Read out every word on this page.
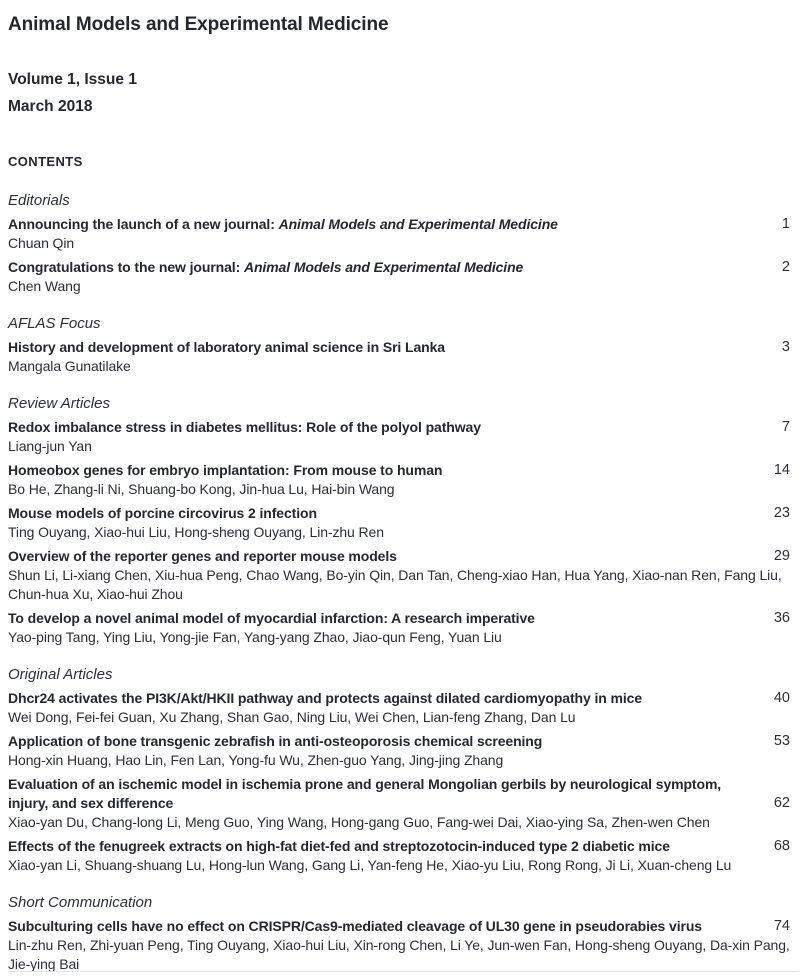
Animal Models and Experimental Medicine
Volume 1, Issue 1
March 2018
CONTENTS
Editorials
Announcing the launch of a new journal: Animal Models and Experimental Medicine	1
Chuan Qin
Congratulations to the new journal: Animal Models and Experimental Medicine	2
Chen Wang
AFLAS Focus
History and development of laboratory animal science in Sri Lanka	3
Mangala Gunatilake
Review Articles
Redox imbalance stress in diabetes mellitus: Role of the polyol pathway	7
Liang-jun Yan
Homeobox genes for embryo implantation: From mouse to human	14
Bo He, Zhang-li Ni, Shuang-bo Kong, Jin-hua Lu, Hai-bin Wang
Mouse models of porcine circovirus 2 infection	23
Ting Ouyang, Xiao-hui Liu, Hong-sheng Ouyang, Lin-zhu Ren
Overview of the reporter genes and reporter mouse models	29
Shun Li, Li-xiang Chen, Xiu-hua Peng, Chao Wang, Bo-yin Qin, Dan Tan, Cheng-xiao Han, Hua Yang, Xiao-nan Ren, Fang Liu, Chun-hua Xu, Xiao-hui Zhou
To develop a novel animal model of myocardial infarction: A research imperative	36
Yao-ping Tang, Ying Liu, Yong-jie Fan, Yang-yang Zhao, Jiao-qun Feng, Yuan Liu
Original Articles
Dhcr24 activates the PI3K/Akt/HKII pathway and protects against dilated cardiomyopathy in mice	40
Wei Dong, Fei-fei Guan, Xu Zhang, Shan Gao, Ning Liu, Wei Chen, Lian-feng Zhang, Dan Lu
Application of bone transgenic zebrafish in anti-osteoporosis chemical screening	53
Hong-xin Huang, Hao Lin, Fen Lan, Yong-fu Wu, Zhen-guo Yang, Jing-jing Zhang
Evaluation of an ischemic model in ischemia prone and general Mongolian gerbils by neurological symptom, injury, and sex difference	62
Xiao-yan Du, Chang-long Li, Meng Guo, Ying Wang, Hong-gang Guo, Fang-wei Dai, Xiao-ying Sa, Zhen-wen Chen
Effects of the fenugreek extracts on high-fat diet-fed and streptozotocin-induced type 2 diabetic mice	68
Xiao-yan Li, Shuang-shuang Lu, Hong-lun Wang, Gang Li, Yan-feng He, Xiao-yu Liu, Rong Rong, Ji Li, Xuan-cheng Lu
Short Communication
Subculturing cells have no effect on CRISPR/Cas9-mediated cleavage of UL30 gene in pseudorabies virus	74
Lin-zhu Ren, Zhi-yuan Peng, Ting Ouyang, Xiao-hui Liu, Xin-rong Chen, Li Ye, Jun-wen Fan, Hong-sheng Ouyang, Da-xin Pang, Jie-ying Bai
